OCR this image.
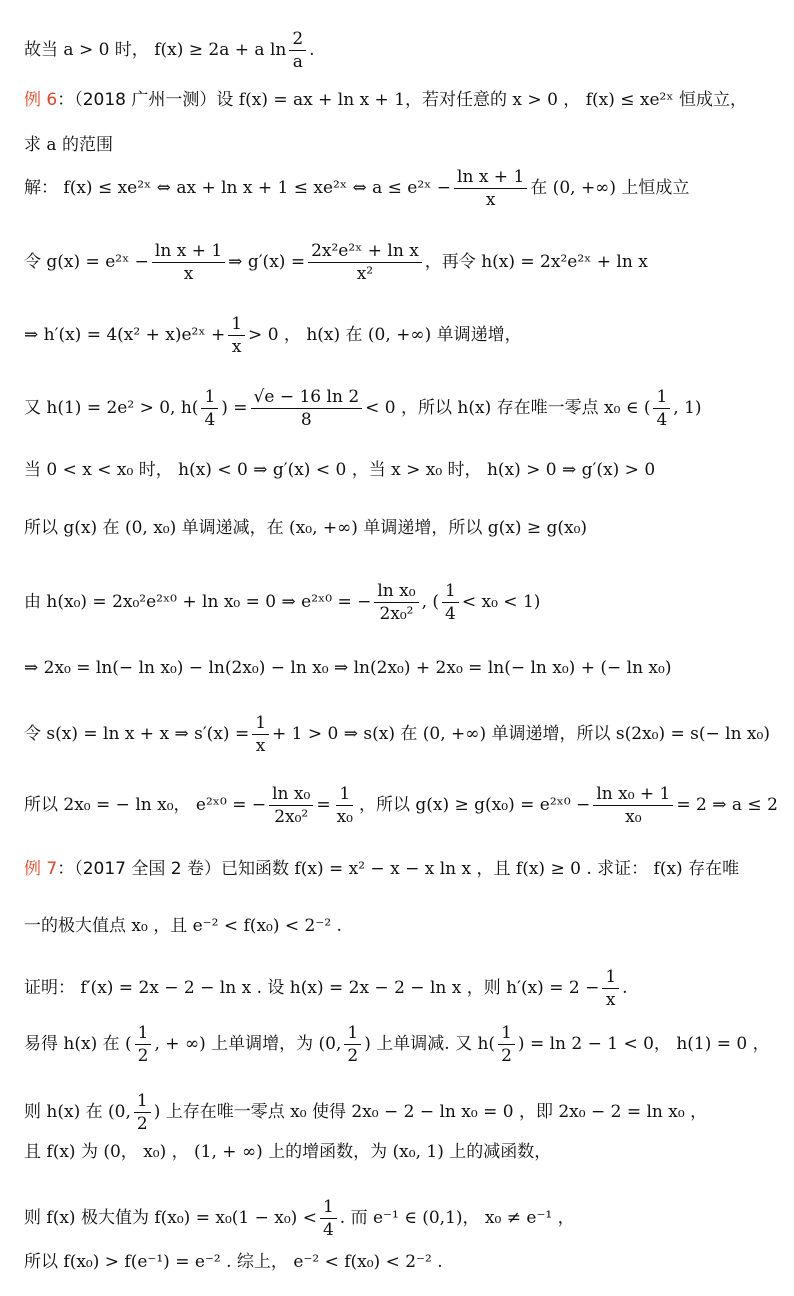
故当 a > 0 时， f(x) ≥ 2a + a $\ln \frac{2}{a}$ .
例 6：（2018 广州一测）设 f(x) = ax + ln x + 1，若对任意的 x > 0 ， f(x) ≤ xe²ˣ 恒成立，
求 a 的范围
解： f(x) ≤ xe²ˣ ⇔ ax + ln x + 1 ≤ xe²ˣ ⇔ a ≤ e²ˣ − $\frac{\text{ln x + 1}}{x}$ 在 (0, +∞) 上恒成立
令 g(x) = e²ˣ − $\frac{\text{ln x + 1}}{x}$ ⇒ $g'(x) = \frac{\text{2x²e²ˣ + ln x}}{\text{x²}}$ ，再令 h(x) = 2x²e²ˣ + ln x
⇒ h′(x) = 4(x² + x)e²ˣ + $\frac{1}{x} > 0$ ， h(x) 在 (0, +∞) 单调递增，
又 h(1) = 2e² > 0, $h( \frac{1}{4}$ ) = $\frac{√e - 16 \ln 2}{8} < 0$ ，所以 h(x) 存在唯一零点 x₀ ∈ ( $\frac{1}{4}$ , 1)
当 0 < x < x₀ 时， h(x) < 0 ⇒ g′(x) < 0 ，当 x > x₀ 时， h(x) > 0 ⇒ g′(x) > 0
所以 g(x) 在 (0, x₀) 单调递减，在 (x₀, +∞) 单调递增，所以 g(x) ≥ g(x₀)
由 h(x₀) = 2x₀²e²ˣ⁰ + ln x₀ = 0 ⇒ e²ˣ⁰ = − $\frac{\text{ln x₀}}{\text{2x₀²}}$ , ( $\frac{1}{4} < x_0 < 1$)
⇒ 2x₀ = ln(− ln x₀) − ln(2x₀) − ln x₀ ⇒ ln(2x₀) + 2x₀ = ln(− ln x₀) + (− ln x₀)
令 s(x) = ln x + x ⇒ $s'(x) = \frac{1}{x} + 1 > 0$ ⇒ s(x) 在 (0, +∞) 单调递增，所以 s(2x₀) = s(− ln x₀)
所以 2x₀ = − ln x₀， e²ˣ⁰ = − $\frac{\text{ln x₀}}{\text{2x₀²}} = \frac{1}{\text{x₀}}$ ，所以 g(x) ≥ g(x₀) = e²ˣ⁰ − $\frac{\text{ln x₀ + 1}}{\text{x₀}} = 2$ ⇒ a ≤ 2
例 7：（2017 全国 2 卷）已知函数 f(x) = x² − x − x ln x ，且 f(x) ≥ 0 . 求证： f(x) 存在唯
一的极大值点 x₀ ，且 e⁻² < f(x₀) < 2⁻² .
证明： f′(x) = 2x − 2 − ln x . 设 h(x) = 2x − 2 − ln x ，则 $h'(x) = 2 - \frac{1}{x}$ .
易得 h(x) 在 ( $\frac{1}{2}$ , + ∞) 上单调增，为 (0, $\frac{1}{2}$ ) 上单调减. 又 $h( \frac{1}{2}$ ) = ln 2 − 1 < 0， h(1) = 0 ，
则 h(x) 在 (0, $\frac{1}{2}$ ) 上存在唯一零点 x₀ 使得 2x₀ − 2 − ln x₀ = 0 ，即 2x₀ − 2 = ln x₀ ，
且 f(x) 为 (0， x₀) ， (1, + ∞) 上的增函数，为 (x₀, 1) 上的减函数，
则 f(x) 极大值为 $f(x_0) = x_0(1 - x_0) < \frac{1}{4}$ . 而 e⁻¹ ∈ (0,1)， x₀ ≠ e⁻¹ ，
所以 f(x₀) > f(e⁻¹) = e⁻² . 综上， e⁻² < f(x₀) < 2⁻² .
